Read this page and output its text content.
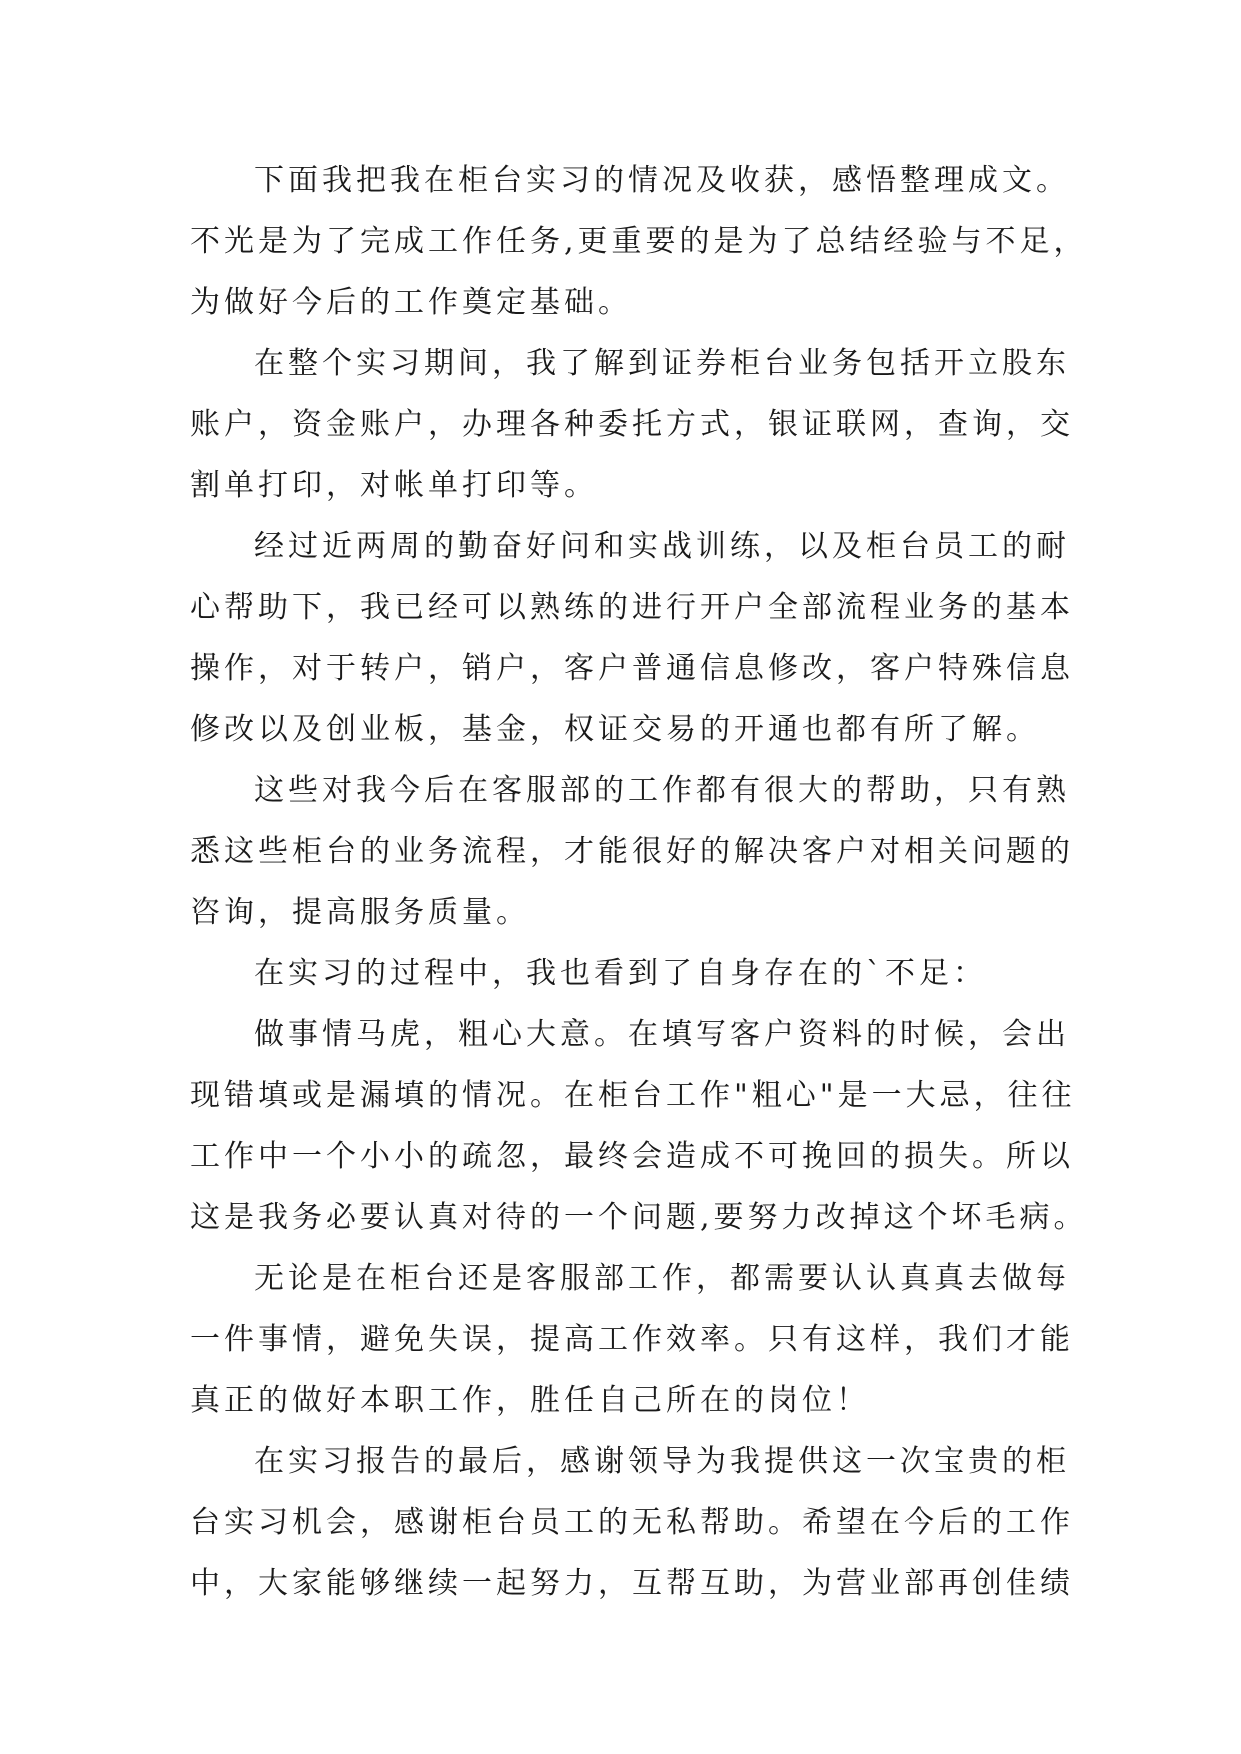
下面我把我在柜台实习的情况及收获，感悟整理成文。
不光是为了完成工作任务,更重要的是为了总结经验与不足，
为做好今后的工作奠定基础。
在整个实习期间，我了解到证券柜台业务包括开立股东
账户，资金账户，办理各种委托方式，银证联网，查询，交
割单打印，对帐单打印等。
经过近两周的勤奋好问和实战训练，以及柜台员工的耐
心帮助下，我已经可以熟练的进行开户全部流程业务的基本
操作，对于转户，销户，客户普通信息修改，客户特殊信息
修改以及创业板，基金，权证交易的开通也都有所了解。
这些对我今后在客服部的工作都有很大的帮助，只有熟
悉这些柜台的业务流程，才能很好的解决客户对相关问题的
咨询，提高服务质量。
在实习的过程中，我也看到了自身存在的`不足：
做事情马虎，粗心大意。在填写客户资料的时候，会出
现错填或是漏填的情况。在柜台工作"粗心"是一大忌，往往
工作中一个小小的疏忽，最终会造成不可挽回的损失。所以
这是我务必要认真对待的一个问题,要努力改掉这个坏毛病。
无论是在柜台还是客服部工作，都需要认认真真去做每
一件事情，避免失误，提高工作效率。只有这样，我们才能
真正的做好本职工作，胜任自己所在的岗位！
在实习报告的最后，感谢领导为我提供这一次宝贵的柜
台实习机会，感谢柜台员工的无私帮助。希望在今后的工作
中，大家能够继续一起努力，互帮互助，为营业部再创佳绩
